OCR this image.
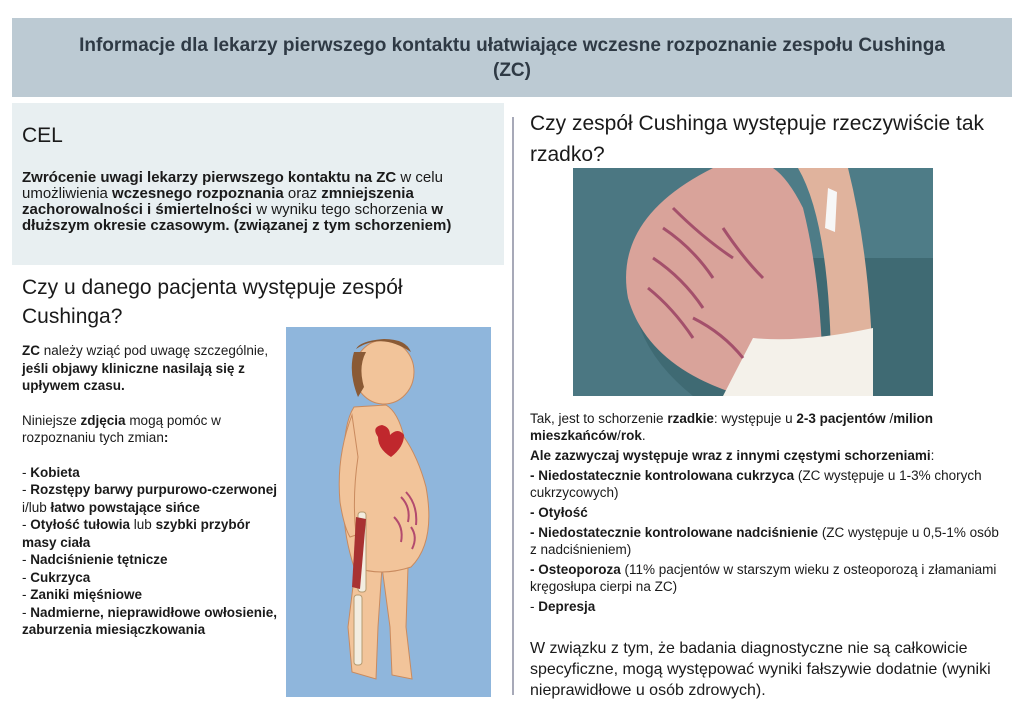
Informacje dla lekarzy pierwszego kontaktu ułatwiające wczesne rozpoznanie zespołu Cushinga (ZC)
CEL
Zwrócenie uwagi lekarzy pierwszego kontaktu na ZC w celu umożliwienia wczesnego rozpoznania oraz zmniejszenia zachorowalności i śmiertelności w wyniku tego schorzenia w dłuższym okresie czasowym. (związanej z tym schorzeniem)
Czy u danego pacjenta występuje zespół Cushinga?

ZC należy wziąć pod uwagę szczególnie, jeśli objawy kliniczne nasilają się z upływem czasu.

Niniejsze zdjęcia mogą pomóc w rozpoznaniu tych zmian:

- Kobieta

- Rozstępy barwy purpurowo-czerwonej i/lub łatwo powstające sińce

- Otyłość tułowia lub szybki przybór masy ciała

- Nadciśnienie tętnicze

- Cukrzyca

- Zaniki mięśniowe

- Nadmierne, nieprawidłowe owłosienie, zaburzenia miesiączkowania

Czy zespół Cushinga występuje rzeczywiście tak rzadko?

Tak, jest to schorzenie rzadkie: występuje u 2-3 pacjentów /milion mieszkańców/rok.

Ale zazwyczaj występuje wraz z innymi częstymi schorzeniami:

- Niedostatecznie kontrolowana cukrzyca (ZC występuje u 1-3% chorych cukrzycowych)

- Otyłość

- Niedostatecznie kontrolowane nadciśnienie (ZC występuje u 0,5-1% osób z nadciśnieniem)

- Osteoporoza (11% pacjentów w starszym wieku z osteoporozą i złamaniami kręgosłupa cierpi na ZC)

- Depresja

W związku z tym, że badania diagnostyczne nie są całkowicie specyficzne, mogą występować wyniki fałszywie dodatnie (wyniki nieprawidłowe u osób zdrowych).
